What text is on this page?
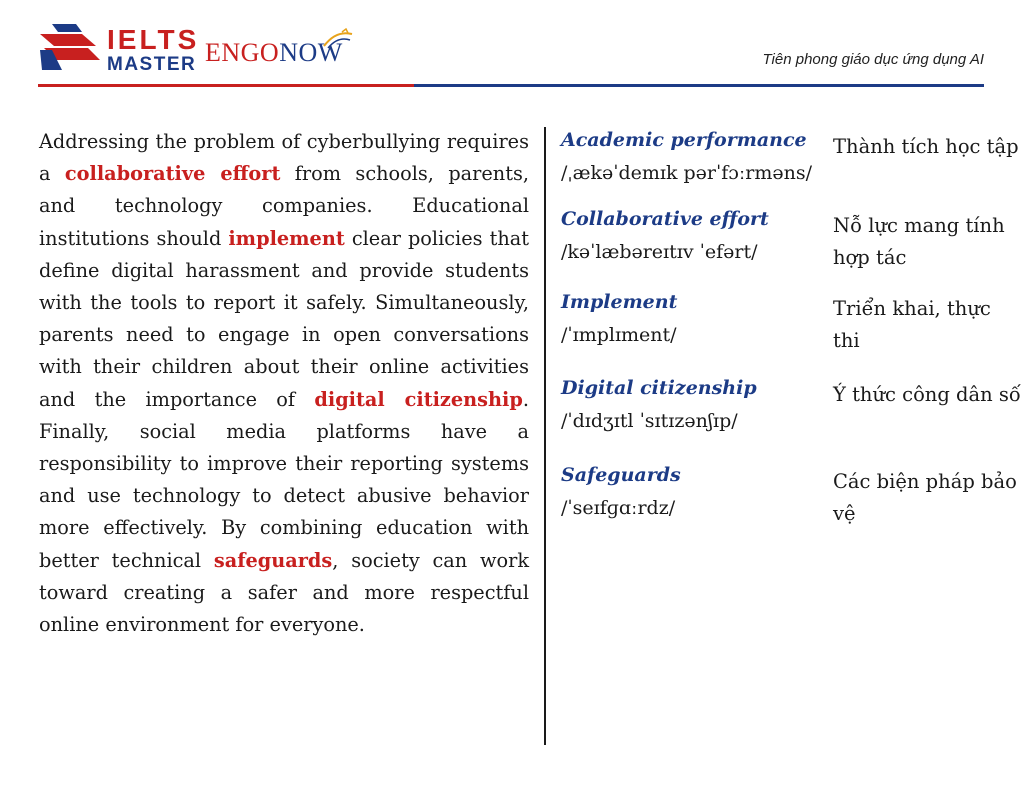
IELTS
MASTER ENGONOW	Tiên phong giáo dục ứng dụng AI

Addressing the problem of cyberbullying requires a collaborative effort from schools, parents, and technology companies. Educational institutions should implement clear policies that define digital harassment and provide students with the tools to report it safely. Simultaneously, parents need to engage in open conversations with their children about their online activities and the importance of digital citizenship. Finally, social media platforms have a responsibility to improve their reporting systems and use technology to detect abusive behavior more effectively. By combining education with better technical safeguards, society can work toward creating a safer and more respectful online environment for everyone.

Academic performance
/ˌækəˈdemɪk pərˈfɔːrməns/
Thành tích học tập
Collaborative effort
/kəˈlæbəreɪtɪv ˈefərt/
Nỗ lực mang tính hợp tác
Implement
/ˈɪmplɪment/
Triển khai, thực thi
Digital citizenship
/ˈdɪdʒɪtl ˈsɪtɪzənʃɪp/
Ý thức công dân số
Safeguards
/ˈseɪfɡɑːrdz/
Các biện pháp bảo vệ
